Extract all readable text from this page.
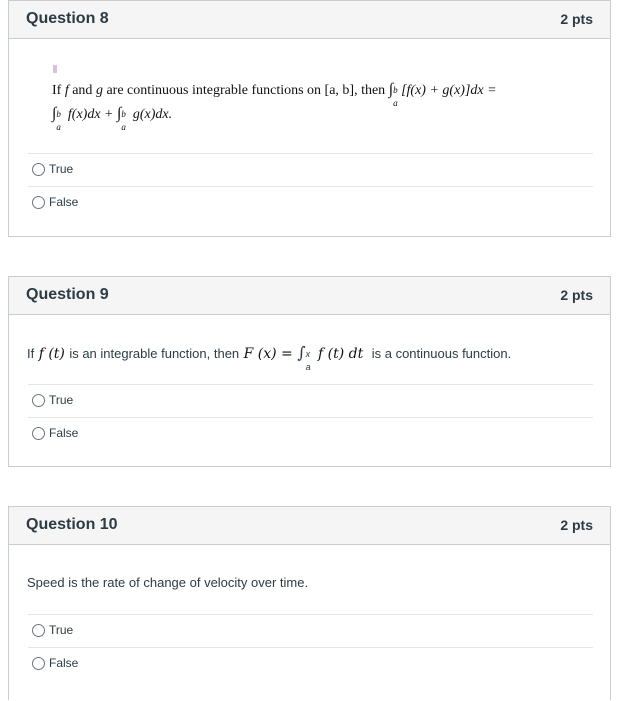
Question 8	2 pts
If f and g are continuous integrable functions on [a, b], then ∫ b
a
[f(x) + g(x)]dx =
∫ b
a
f(x)dx + ∫ b
a
g(x)dx.
True
False
Question 9	2 pts
If f (t) is an integrable function, then F (x) = ∫ x
a
f (t) dt is a continuous function.
True
False
Question 10	2 pts
Speed is the rate of change of velocity over time.
True
False
